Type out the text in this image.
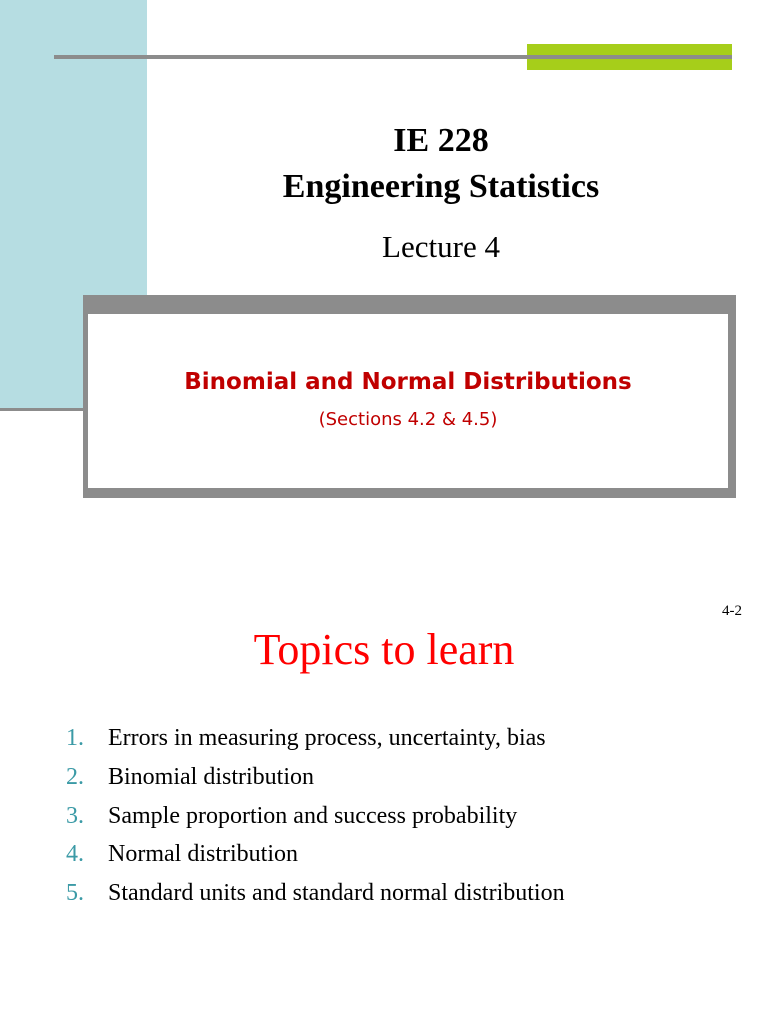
IE 228
Engineering Statistics
Lecture 4
Binomial and Normal Distributions
(Sections 4.2 & 4.5)
4-2
Topics to learn
1.	Errors in measuring process, uncertainty, bias
2.	Binomial distribution
3.	Sample proportion and success probability
4.	Normal distribution
5.	Standard units and standard normal distribution
